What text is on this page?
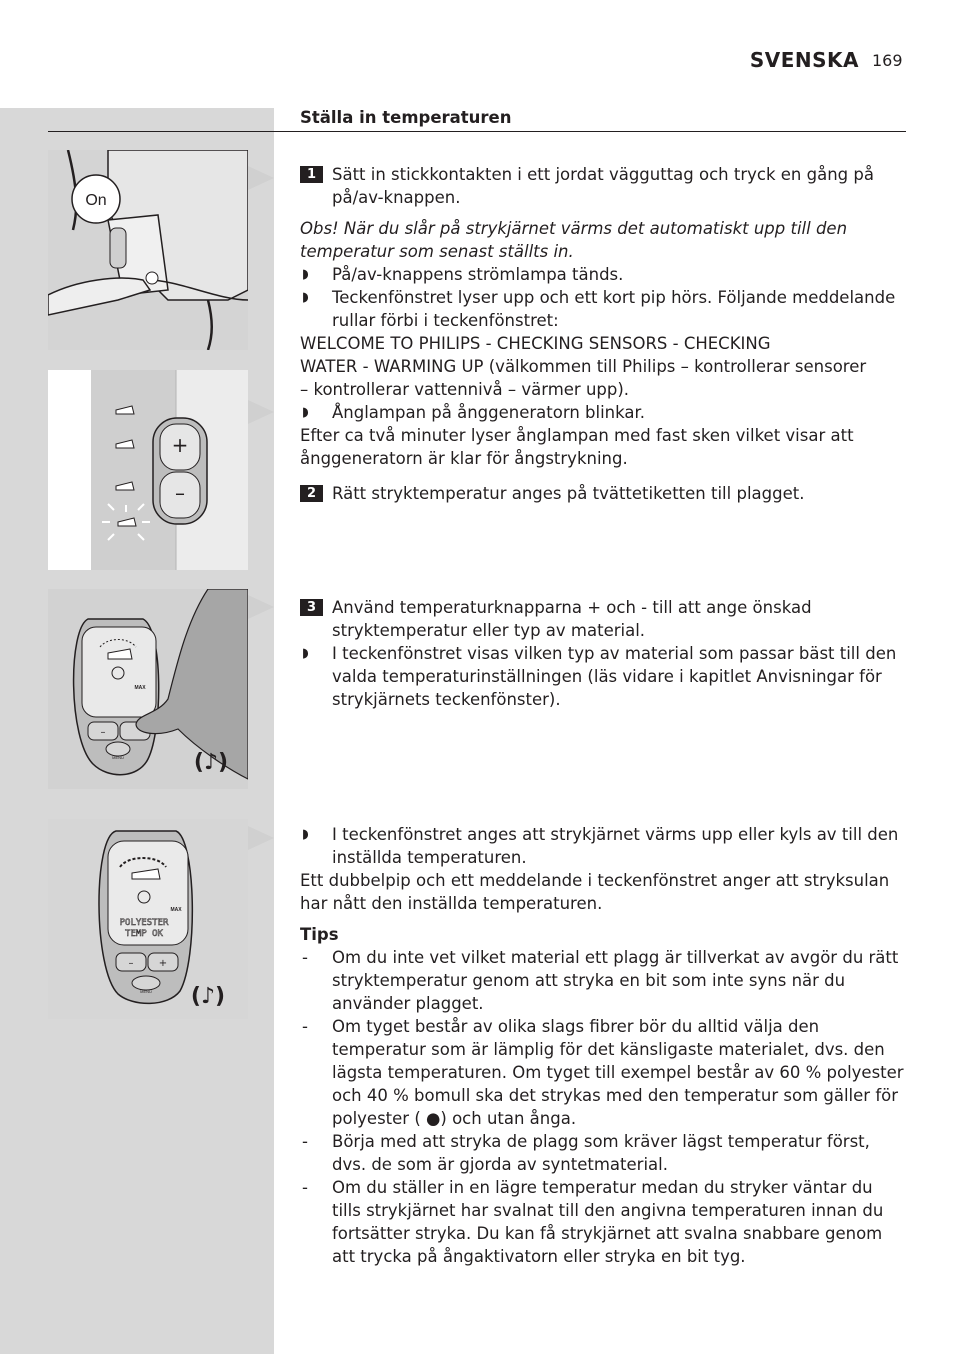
SVENSKA 169
Ställa in temperaturen
On
+
–
MAX
–
MENU	(♪)
MAX
POLYESTER
TEMP OK
–	+
MENU (♪)

1 Sätt in stickkontakten i ett jordat vägguttag och tryck en gång på på/av-knappen.

Obs! När du slår på strykjärnet värms det automatiskt upp till den temperatur som senast ställts in.

◗ På/av-knappens strömlampa tänds.

◗ Teckenfönstret lyser upp och ett kort pip hörs. Följande meddelande rullar förbi i teckenfönstret:

WELCOME TO PHILIPS - CHECKING SENSORS - CHECKING

WATER - WARMING UP (välkommen till Philips – kontrollerar sensorer

– kontrollerar vattennivå – värmer upp).

◗ Ånglampan på ånggeneratorn blinkar.

Efter ca två minuter lyser ånglampan med fast sken vilket visar att ånggeneratorn är klar för ångstrykning.

2 Rätt stryktemperatur anges på tvättetiketten till plagget.

3 Använd temperaturknapparna + och - till att ange önskad stryktemperatur eller typ av material.

◗ I teckenfönstret visas vilken typ av material som passar bäst till den valda temperaturinställningen (läs vidare i kapitlet Anvisningar för strykjärnets teckenfönster).

◗ I teckenfönstret anges att strykjärnet värms upp eller kyls av till den inställda temperaturen.

Ett dubbelpip och ett meddelande i teckenfönstret anger att stryksulan har nått den inställda temperaturen.

Tips

- Om du inte vet vilket material ett plagg är tillverkat av avgör du rätt stryktemperatur genom att stryka en bit som inte syns när du använder plagget.

- Om tyget består av olika slags fibrer bör du alltid välja den temperatur som är lämplig för det känsligaste materialet, dvs. den lägsta temperaturen. Om tyget till exempel består av 60 % polyester och 40 % bomull ska det strykas med den temperatur som gäller för polyester ( ●) och utan ånga.

- Börja med att stryka de plagg som kräver lägst temperatur först, dvs. de som är gjorda av syntetmaterial.

- Om du ställer in en lägre temperatur medan du stryker väntar du tills strykjärnet har svalnat till den angivna temperaturen innan du fortsätter stryka. Du kan få strykjärnet att svalna snabbare genom att trycka på ångaktivatorn eller stryka en bit tyg.
